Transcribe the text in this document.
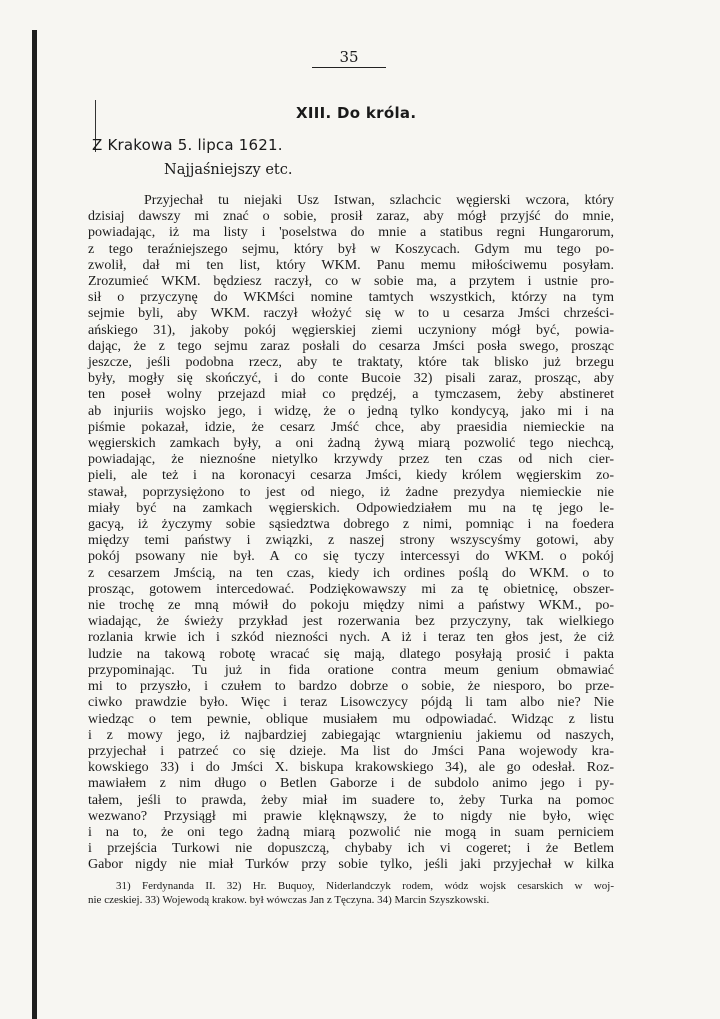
35
XIII. Do króla.
Z Krakowa 5. lipca 1621.
Najjaśniejszy etc.
Przyjechał tu niejaki Usz Istwan, szlachcic węgierski wczora, który
dzisiaj dawszy mi znać o sobie, prosił zaraz, aby mógł przyjść do mnie,
powiadając, iż ma listy i 'poselstwa do mnie a statibus regni Hungarorum,
z tego teraźniejszego sejmu, który był w Koszycach. Gdym mu tego po-
zwolił, dał mi ten list, który WKM. Panu memu miłościwemu posyłam.
Zrozumieć WKM. będziesz raczył, co w sobie ma, a przytem i ustnie pro-
sił o przyczynę do WKMści nomine tamtych wszystkich, którzy na tym
sejmie byli, aby WKM. raczył włożyć się w to u cesarza Jmści chrześci-
ańskiego 31), jakoby pokój węgierskiej ziemi uczyniony mógł być, powia-
dając, że z tego sejmu zaraz posłali do cesarza Jmści posła swego, prosząc
jeszcze, jeśli podobna rzecz, aby te traktaty, które tak blisko już brzegu
były, mogły się skończyć, i do conte Bucoie 32) pisali zaraz, prosząc, aby
ten poseł wolny przejazd miał co prędzéj, a tymczasem, żeby abstineret
ab injuriis wojsko jego, i widzę, że o jedną tylko kondycyą, jako mi i na
piśmie pokazał, idzie, że cesarz Jmść chce, aby praesidia niemieckie na
węgierskich zamkach były, a oni żadną żywą miarą pozwolić tego niechcą,
powiadając, że nieznośne nietylko krzywdy przez ten czas od nich cier-
pieli, ale też i na koronacyi cesarza Jmści, kiedy królem węgierskim zo-
stawał, poprzysiężono to jest od niego, iż żadne prezydya niemieckie nie
miały być na zamkach węgierskich. Odpowiedziałem mu na tę jego le-
gacyą, iż życzymy sobie sąsiedztwa dobrego z nimi, pomniąc i na foedera
między temi państwy i związki, z naszej strony wszyscyśmy gotowi, aby
pokój psowany nie był. A co się tyczy intercessyi do WKM. o pokój
z cesarzem Jmścią, na ten czas, kiedy ich ordines poślą do WKM. o to
prosząc, gotowem intercedować. Podziękowawszy mi za tę obietnicę, obszer-
nie trochę ze mną mówił do pokoju między nimi a państwy WKM., po-
wiadając, że świeży przykład jest rozerwania bez przyczyny, tak wielkiego
rozlania krwie ich i szkód niezności nych. A iż i teraz ten głos jest, że ciż
ludzie na takową robotę wracać się mają, dlatego posyłają prosić i pakta
przypominając. Tu już in fida oratione contra meum genium obmawiać
mi to przyszło, i czułem to bardzo dobrze o sobie, że niesporo, bo prze-
ciwko prawdzie było. Więc i teraz Lisowczycy pójdą li tam albo nie? Nie
wiedząc o tem pewnie, oblique musiałem mu odpowiadać. Widząc z listu
i z mowy jego, iż najbardziej zabiegając wtargnieniu jakiemu od naszych,
przyjechał i patrzeć co się dzieje. Ma list do Jmści Pana wojewody kra-
kowskiego 33) i do Jmści X. biskupa krakowskiego 34), ale go odesłał. Roz-
mawiałem z nim długo o Betlen Gaborze i de subdolo animo jego i py-
tałem, jeśli to prawda, żeby miał im suadere to, żeby Turka na pomoc
wezwano? Przysiągł mi prawie klęknąwszy, że to nigdy nie było, więc
i na to, że oni tego żadną miarą pozwolić nie mogą in suam perniciem
i przejścia Turkowi nie dopuszczą, chybaby ich vi cogeret; i że Betlem
Gabor nigdy nie miał Turków przy sobie tylko, jeśli jaki przyjechał w kilka
31) Ferdynanda II. 32) Hr. Buquoy, Niderlandczyk rodem, wódz wojsk cesarskich w woj-
nie czeskiej. 33) Wojewodą krakow. był wówczas Jan z Tęczyna. 34) Marcin Szyszkowski.
